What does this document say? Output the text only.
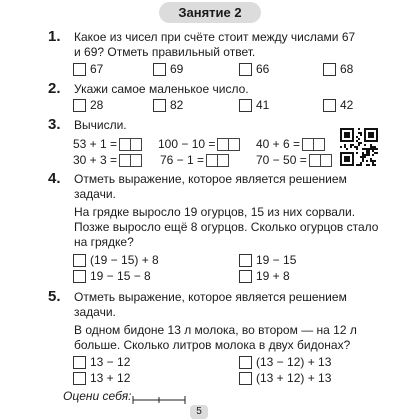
Занятие 2
1. Какое из чисел при счёте стоит между числами 67
и 69? Отметь правильный ответ.
67	69	66	68
2. Укажи самое маленькое число.
28	82	41	42
3. Вычисли.
53 + 1 =	100 − 10 =	40 + 6 =
30 + 3 =	76 − 1 =	70 − 50 =
4. Отметь выражение, которое является решением
задачи.
На грядке выросло 19 огурцов, 15 из них сорвали.
Позже выросло ещё 8 огурцов. Сколько огурцов стало
на грядке?
(19 − 15) + 8	19 − 15
19 − 15 − 8	19 + 8
5. Отметь выражение, которое является решением
задачи.
В одном бидоне 13 л молока, во втором — на 12 л
больше. Сколько литров молока в двух бидонах?
13 − 12	(13 − 12) + 13
13 + 12	(13 + 12) + 13
Оцени себя:
5
